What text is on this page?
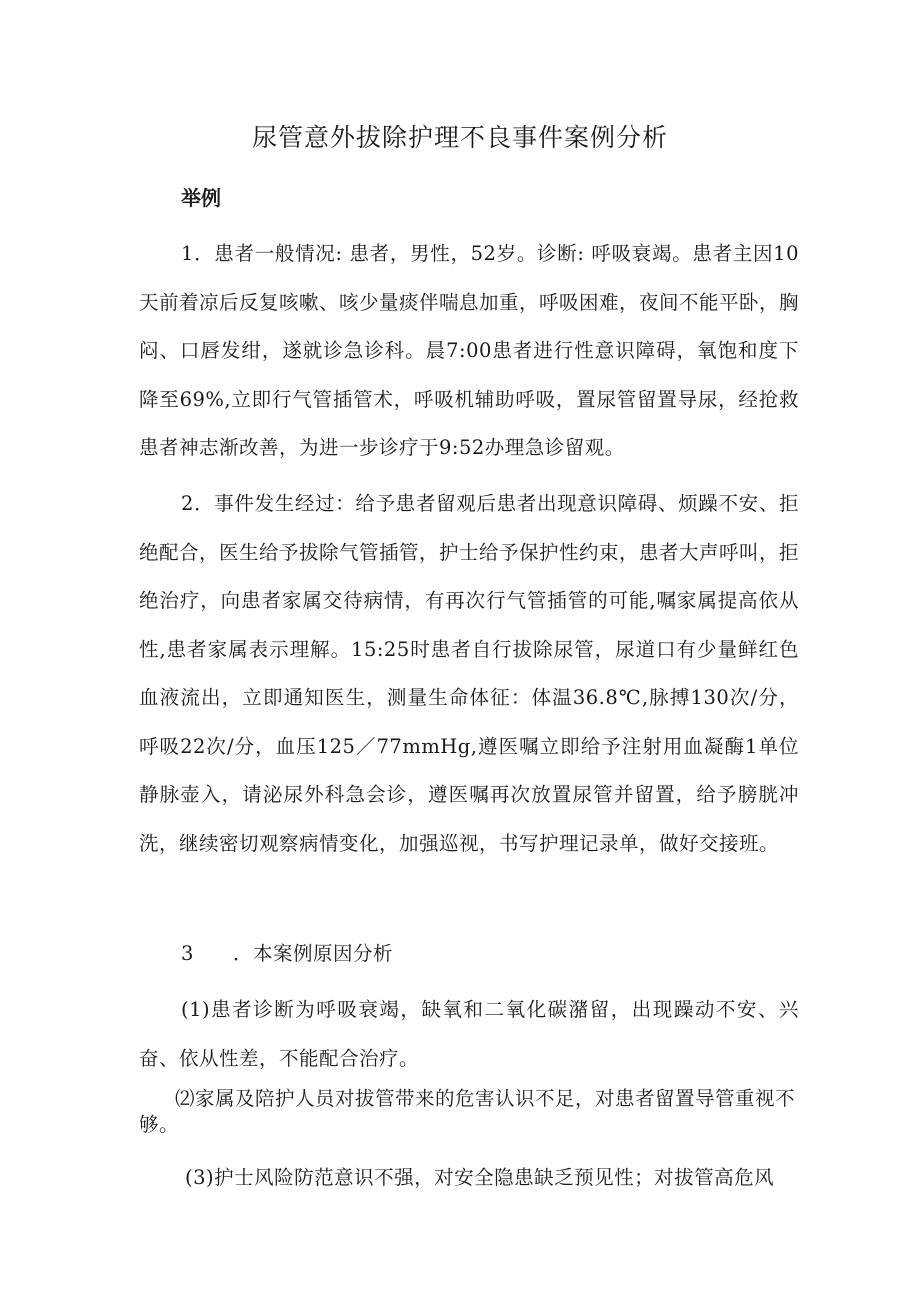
尿管意外拔除护理不良事件案例分析
举例
1．患者一般情况: 患者，男性，52岁。诊断: 呼吸衰竭。患者主因10天前着凉后反复咳嗽、咳少量痰伴喘息加重，呼吸困难，夜间不能平卧，胸闷、口唇发绀，遂就诊急诊科。晨7:00患者进行性意识障碍，氧饱和度下降至69%,立即行气管插管术，呼吸机辅助呼吸，置尿管留置导尿，经抢救患者神志渐改善，为进一步诊疗于9:52办理急诊留观。
2．事件发生经过：给予患者留观后患者出现意识障碍、烦躁不安、拒绝配合，医生给予拔除气管插管，护士给予保护性约束，患者大声呼叫，拒绝治疗，向患者家属交待病情，有再次行气管插管的可能,嘱家属提高依从性,患者家属表示理解。15:25时患者自行拔除尿管，尿道口有少量鲜红色血液流出，立即通知医生，测量生命体征：体温36.8℃,脉搏130次/分，呼吸22次/分，血压125／77mmHg,遵医嘱立即给予注射用血凝酶1单位静脉壶入，请泌尿外科急会诊，遵医嘱再次放置尿管并留置，给予膀胱冲洗，继续密切观察病情变化，加强巡视，书写护理记录单，做好交接班。
3 ．本案例原因分析
(1)患者诊断为呼吸衰竭，缺氧和二氧化碳潴留，出现躁动不安、兴奋、依从性差，不能配合治疗。
⑵家属及陪护人员对拔管带来的危害认识不足，对患者留置导管重视不够。
(3)护士风险防范意识不强，对安全隐患缺乏预见性；对拔管高危风
